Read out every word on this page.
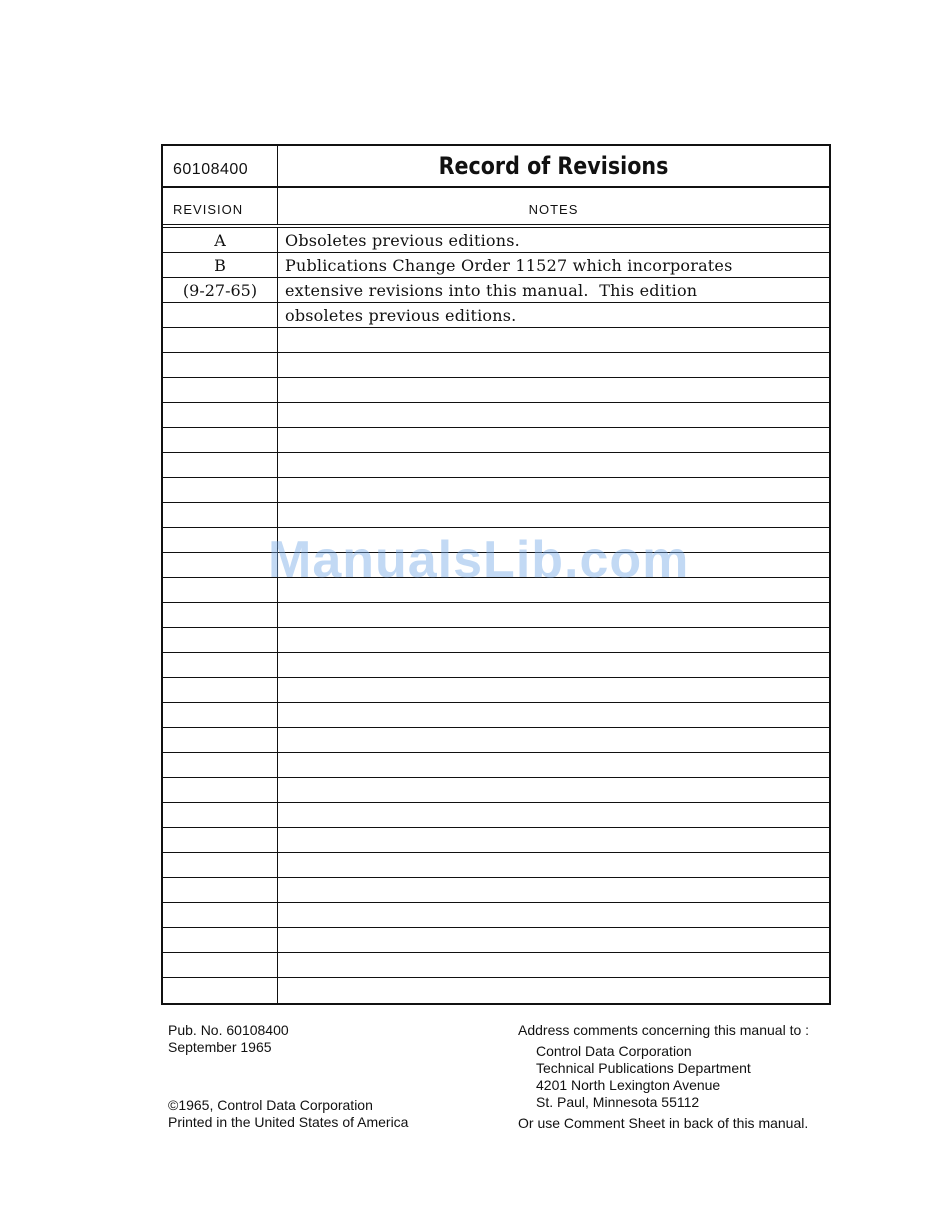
60108400	Record of Revisions
REVISION	NOTES
A	Obsoletes previous editions.
B	Publications Change Order 11527 which incorporates
(9-27-65)	extensive revisions into this manual.  This edition
obsoletes previous editions.
ManualsLib.com
Pub. No. 60108400
September 1965
©1965, Control Data Corporation
Printed in the United States of America
Address comments concerning this manual to :
Control Data Corporation
Technical Publications Department
4201 North Lexington Avenue
St. Paul, Minnesota 55112
Or use Comment Sheet in back of this manual.
